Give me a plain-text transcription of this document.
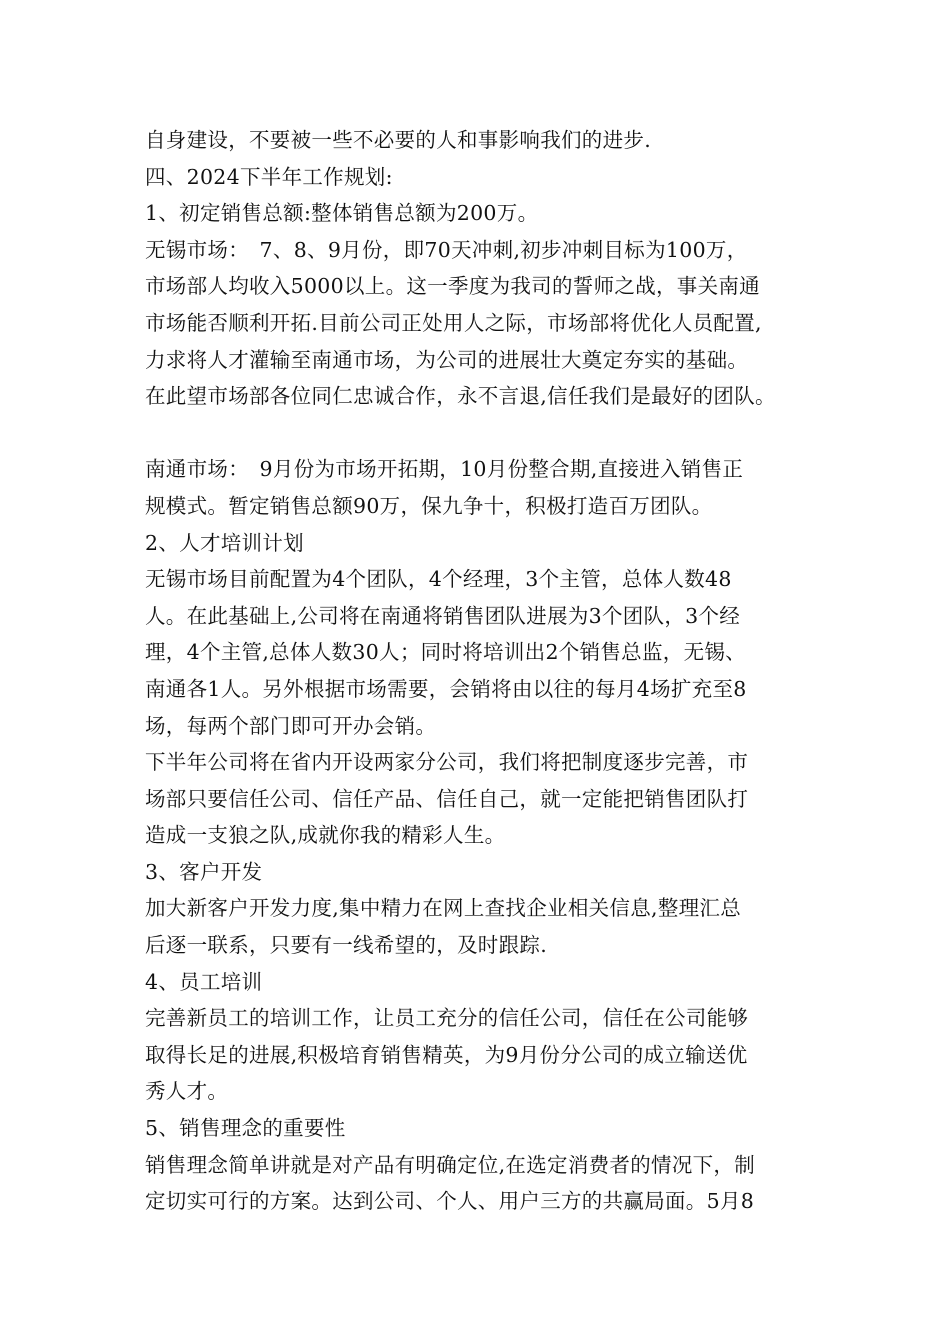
自身建设，不要被一些不必要的人和事影响我们的进步.
四、2024下半年工作规划:
1、初定销售总额:整体销售总额为200万。
无锡市场：　7、8、9月份，即70天冲刺,初步冲刺目标为100万，
市场部人均收入5000以上。这一季度为我司的誓师之战，事关南通
市场能否顺利开拓.目前公司正处用人之际，市场部将优化人员配置,
力求将人才灌输至南通市场，为公司的进展壮大奠定夯实的基础。
在此望市场部各位同仁忠诚合作，永不言退,信任我们是最好的团队。
南通市场：　9月份为市场开拓期，10月份整合期,直接进入销售正
规模式。暂定销售总额90万，保九争十，积极打造百万团队。
2、人才培训计划
无锡市场目前配置为4个团队，4个经理，3个主管，总体人数48
人。在此基础上,公司将在南通将销售团队进展为3个团队，3个经
理，4个主管,总体人数30人；同时将培训出2个销售总监，无锡、
南通各1人。另外根据市场需要，会销将由以往的每月4场扩充至8
场，每两个部门即可开办会销。
下半年公司将在省内开设两家分公司，我们将把制度逐步完善，市
场部只要信任公司、信任产品、信任自己，就一定能把销售团队打
造成一支狼之队,成就你我的精彩人生。
3、客户开发
加大新客户开发力度,集中精力在网上查找企业相关信息,整理汇总
后逐一联系，只要有一线希望的，及时跟踪.
4、员工培训
完善新员工的培训工作，让员工充分的信任公司，信任在公司能够
取得长足的进展,积极培育销售精英，为9月份分公司的成立输送优
秀人才。
5、销售理念的重要性
销售理念简单讲就是对产品有明确定位,在选定消费者的情况下，制
定切实可行的方案。达到公司、个人、用户三方的共赢局面。5月8
